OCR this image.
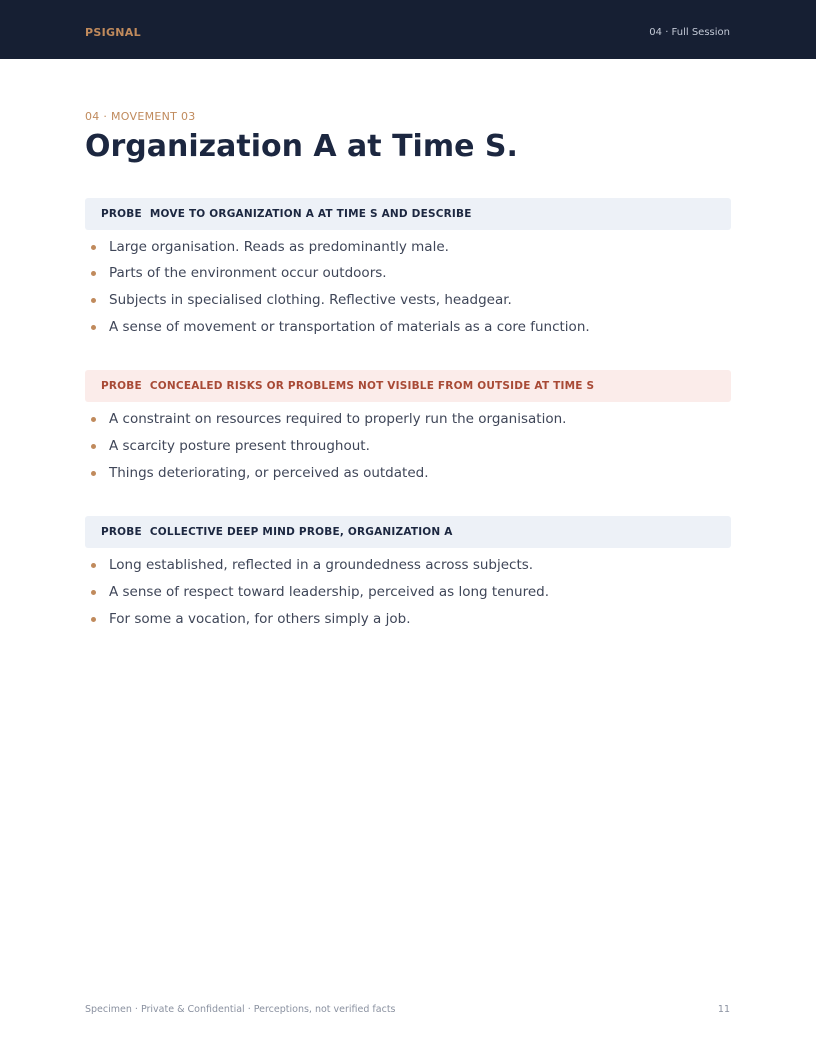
PSIGNAL	04 · Full Session
04 · MOVEMENT 03
Organization A at Time S.
PROBE MOVE TO ORGANIZATION A AT TIME S AND DESCRIBE
Large organisation. Reads as predominantly male.
Parts of the environment occur outdoors.
Subjects in specialised clothing. Reflective vests, headgear.
A sense of movement or transportation of materials as a core function.
PROBE CONCEALED RISKS OR PROBLEMS NOT VISIBLE FROM OUTSIDE AT TIME S
A constraint on resources required to properly run the organisation.
A scarcity posture present throughout.
Things deteriorating, or perceived as outdated.
PROBE COLLECTIVE DEEP MIND PROBE, ORGANIZATION A
Long established, reflected in a groundedness across subjects.
A sense of respect toward leadership, perceived as long tenured.
For some a vocation, for others simply a job.
Specimen · Private & Confidential · Perceptions, not verified facts	11
